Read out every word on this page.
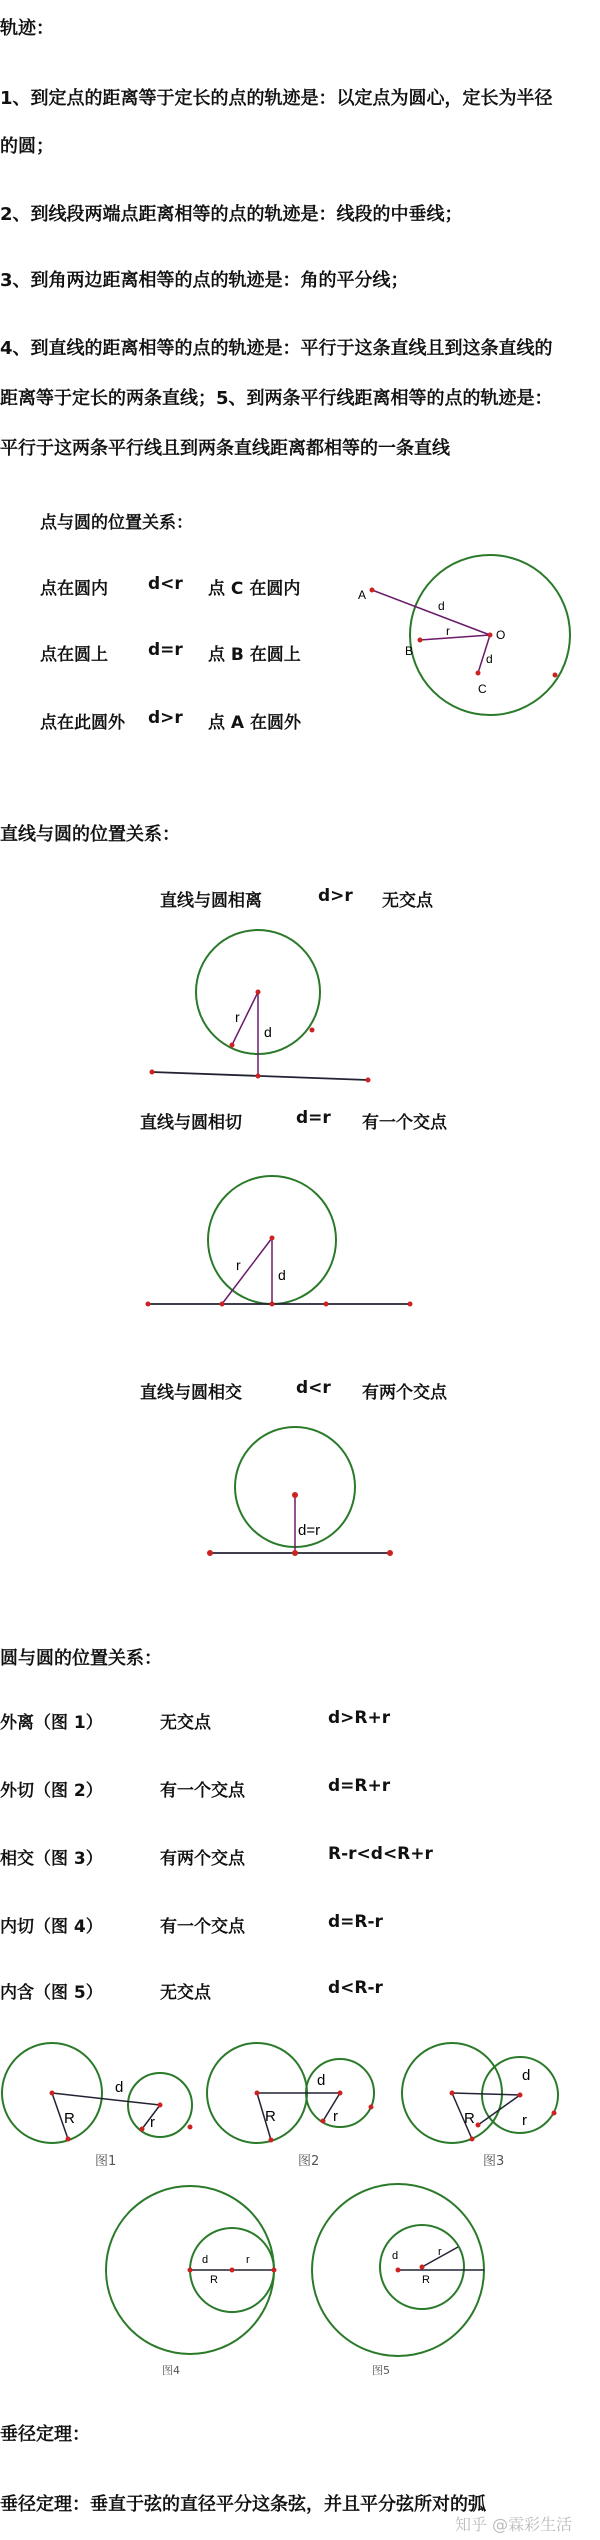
轨迹：
1、到定点的距离等于定长的点的轨迹是：以定点为圆心，定长为半径
的圆；
2、到线段两端点距离相等的点的轨迹是：线段的中垂线；
3、到角两边距离相等的点的轨迹是：角的平分线；
4、到直线的距离相等的点的轨迹是：平行于这条直线且到这条直线的
距离等于定长的两条直线；5、到两条平行线距离相等的点的轨迹是：
平行于这两条平行线且到两条直线距离都相等的一条直线
点与圆的位置关系：
点在圆内 d<r 点 C 在圆内
点在圆上 d=r 点 B 在圆上
点在此圆外 d>r 点 A 在圆外
A
B
C
O
d
r
d
直线与圆的位置关系：
直线与圆相离	d>r 无交点
r
d
直线与圆相切	d=r 有一个交点
r
d
直线与圆相交	d<r 有两个交点
d=r
圆与圆的位置关系：
外离（图 1）	无交点	d>R+r
外切（图 2）	有一个交点	d=R+r
相交（图 3）	有两个交点	R-r<d<R+r
内切（图 4）	有一个交点	d=R-r
内含（图 5）	无交点	d<R-r
d
R	r
图1
d
R	r
图2
d
R	r
图3
d
R
r
图4
d	r
R
图5
垂径定理：
垂径定理：垂直于弦的直径平分这条弦，并且平分弦所对的弧
知乎 @霖彩生活
